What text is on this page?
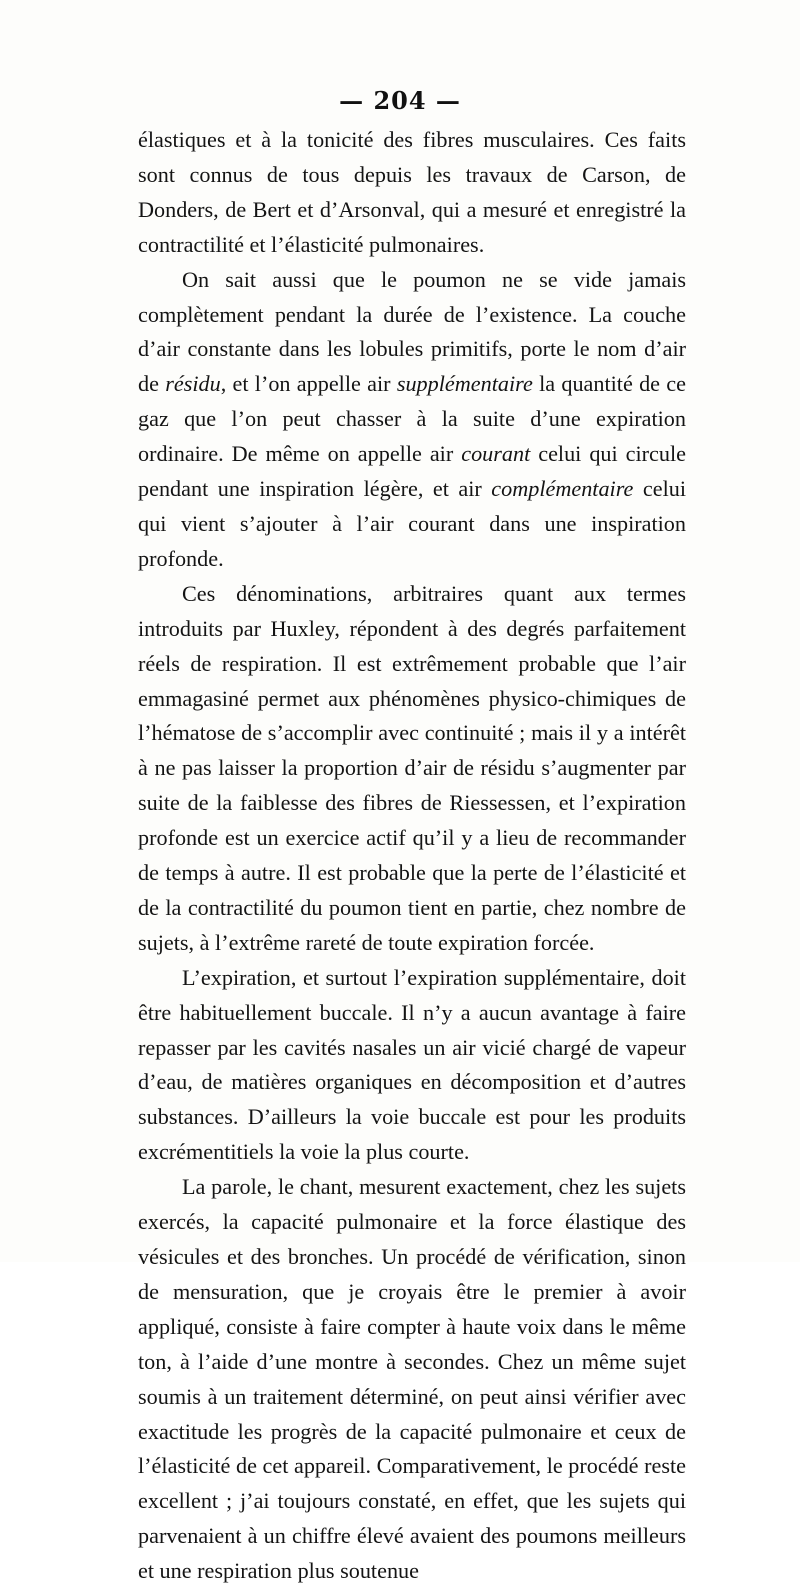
— 204 —

élastiques et à la tonicité des fibres musculaires. Ces faits sont connus de tous depuis les travaux de Carson, de Donders, de Bert et d’Arsonval, qui a mesuré et enregistré la contractilité et l’élasticité pulmonaires.

On sait aussi que le poumon ne se vide jamais complètement pendant la durée de l’existence. La couche d’air constante dans les lobules primitifs, porte le nom d’air de résidu, et l’on appelle air supplémentaire la quantité de ce gaz que l’on peut chasser à la suite d’une expiration ordinaire. De même on appelle air courant celui qui circule pendant une inspiration légère, et air complémentaire celui qui vient s’ajouter à l’air courant dans une inspiration profonde.

Ces dénominations, arbitraires quant aux termes introduits par Huxley, répondent à des degrés parfaitement réels de respiration. Il est extrêmement probable que l’air emmagasiné permet aux phénomènes physico-chimiques de l’hématose de s’accomplir avec continuité ; mais il y a intérêt à ne pas laisser la proportion d’air de résidu s’augmenter par suite de la faiblesse des fibres de Riessessen, et l’expiration profonde est un exercice actif qu’il y a lieu de recommander de temps à autre. Il est probable que la perte de l’élasticité et de la contractilité du poumon tient en partie, chez nombre de sujets, à l’extrême rareté de toute expiration forcée.

L’expiration, et surtout l’expiration supplémentaire, doit être habituellement buccale. Il n’y a aucun avantage à faire repasser par les cavités nasales un air vicié chargé de vapeur d’eau, de matières organiques en décomposition et d’autres substances. D’ailleurs la voie buccale est pour les produits excrémentitiels la voie la plus courte.

La parole, le chant, mesurent exactement, chez les sujets exercés, la capacité pulmonaire et la force élastique des vésicules et des bronches. Un procédé de vérification, sinon de mensuration, que je croyais être le premier à avoir appliqué, consiste à faire compter à haute voix dans le même ton, à l’aide d’une montre à secondes. Chez un même sujet soumis à un traitement déterminé, on peut ainsi vérifier avec exactitude les progrès de la capacité pulmonaire et ceux de l’élasticité de cet appareil. Comparativement, le procédé reste excellent ; j’ai toujours constaté, en effet, que les sujets qui parvenaient à un chiffre élevé avaient des poumons meilleurs et une respiration plus soutenue
